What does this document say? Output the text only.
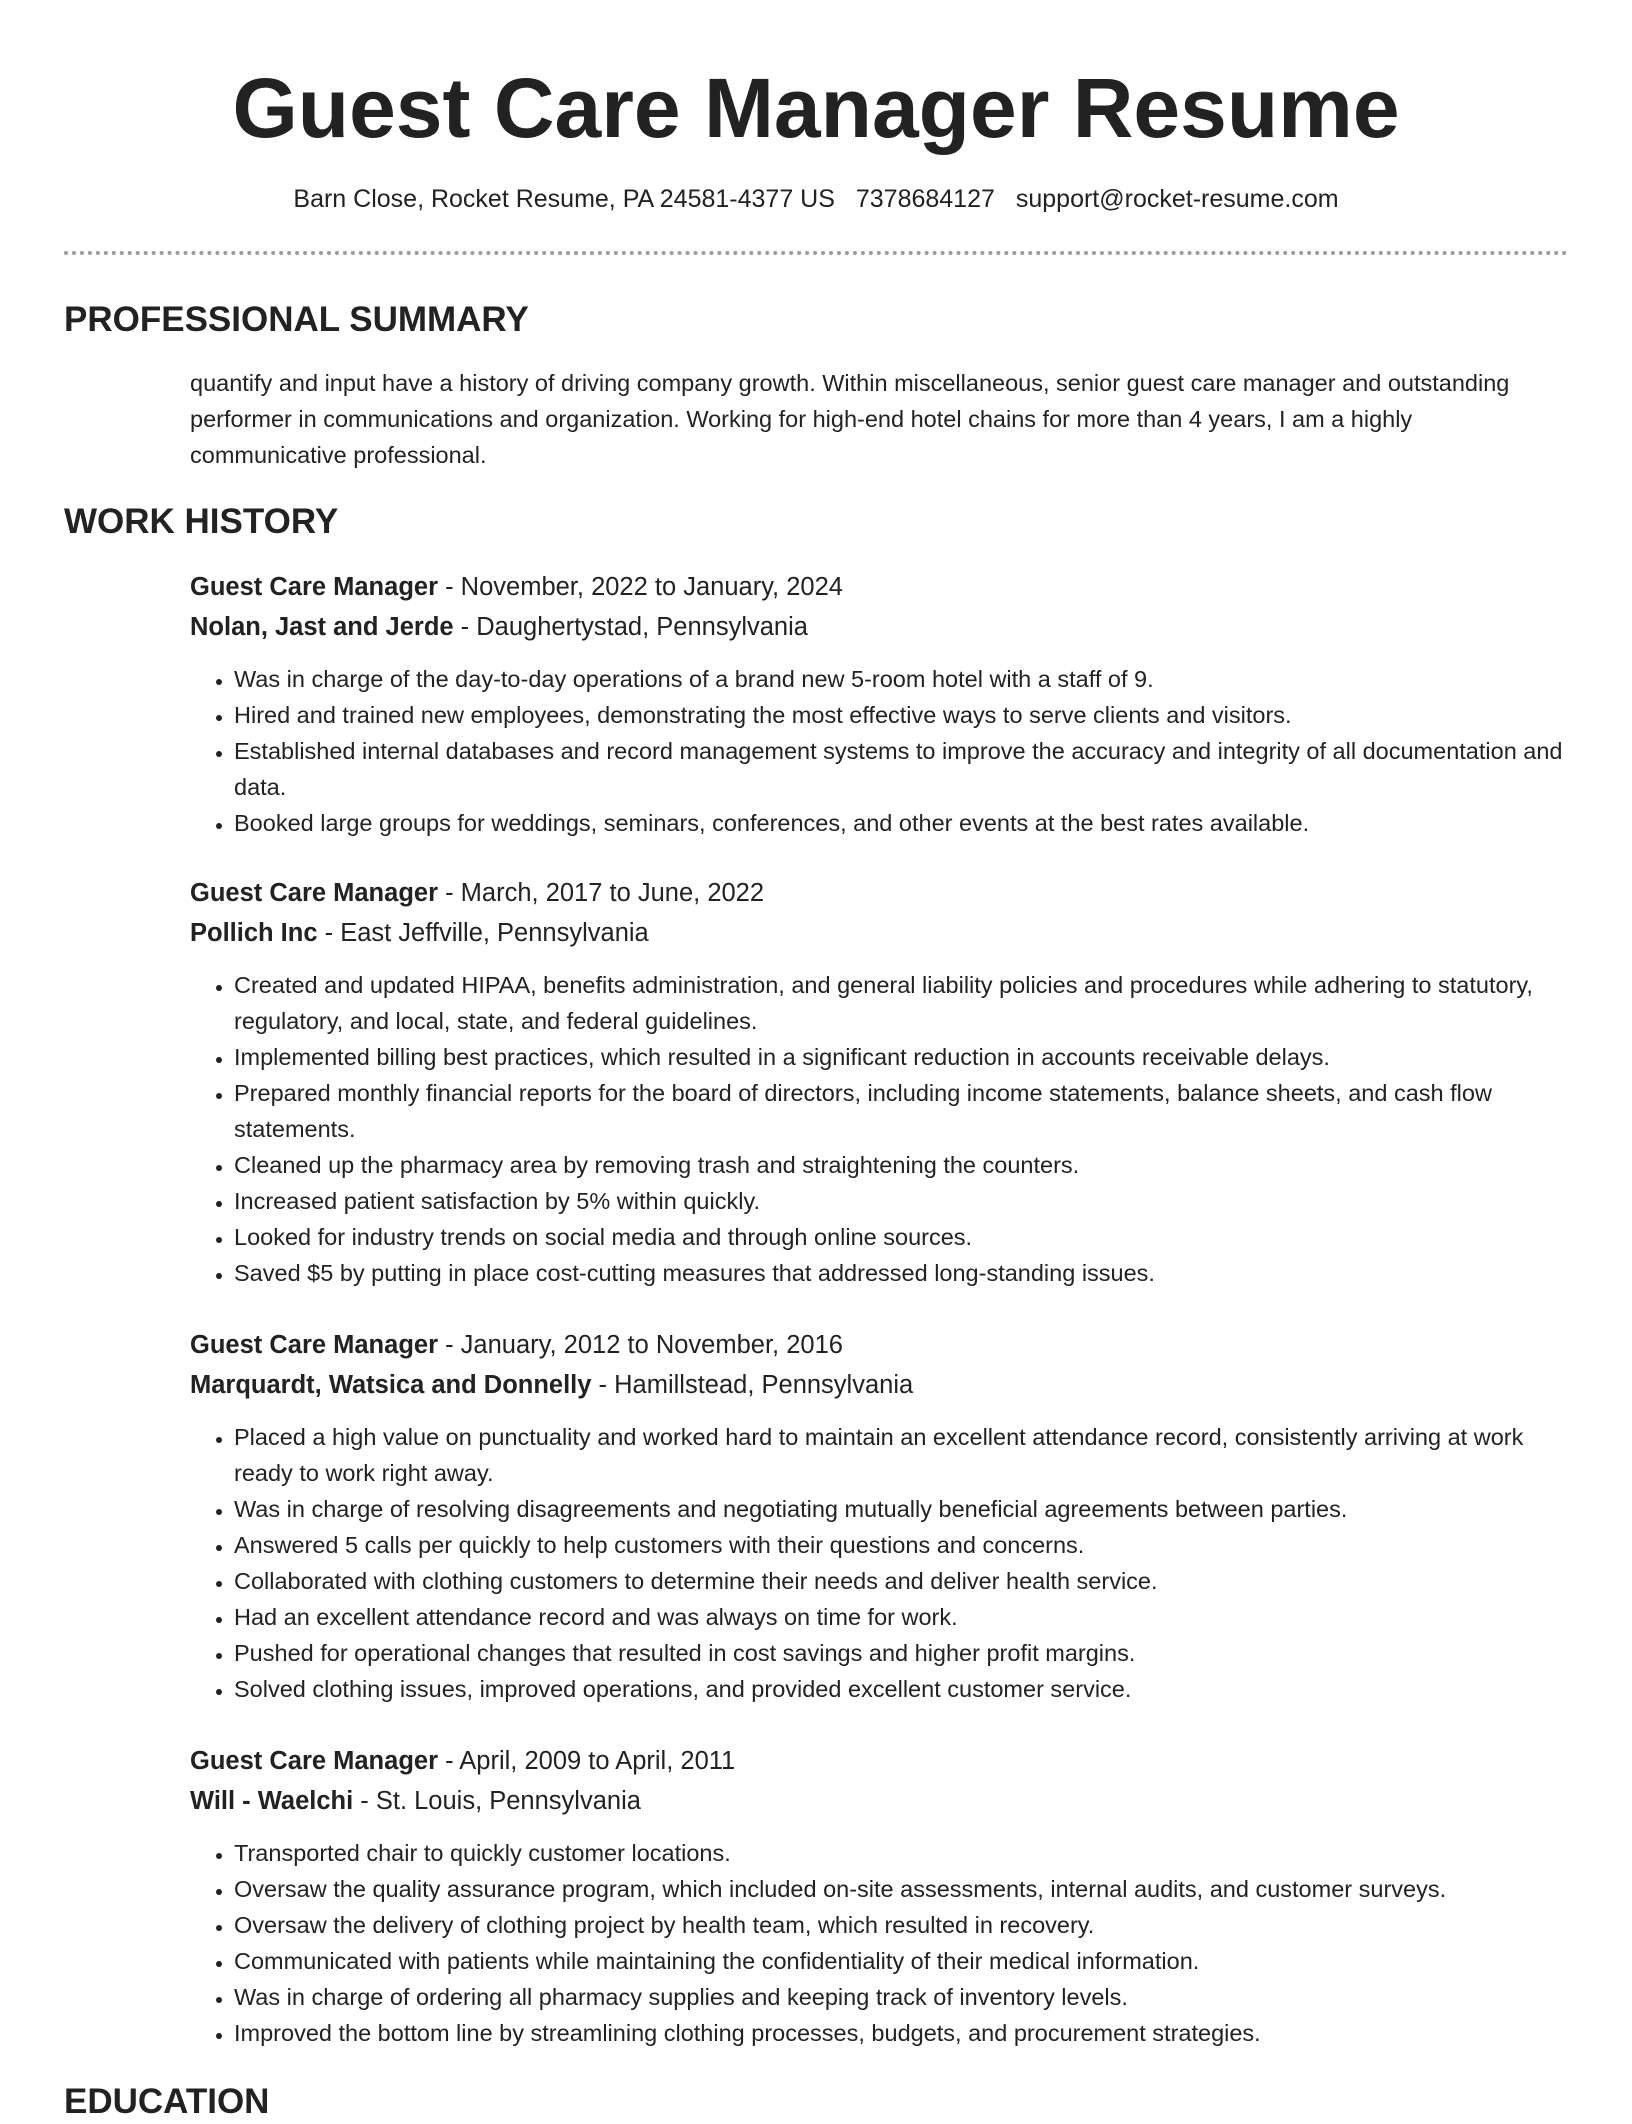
Guest Care Manager Resume
Barn Close, Rocket Resume, PA 24581-4377 US 7378684127 support@rocket-resume.com
PROFESSIONAL SUMMARY

quantify and input have a history of driving company growth. Within miscellaneous, senior guest care manager and outstanding performer in communications and organization. Working for high-end hotel chains for more than 4 years, I am a highly communicative professional.

WORK HISTORY

Guest Care Manager - November, 2022 to January, 2024

Nolan, Jast and Jerde - Daughertystad, Pennsylvania

• Was in charge of the day-to-day operations of a brand new 5-room hotel with a staff of 9.
• Hired and trained new employees, demonstrating the most effective ways to serve clients and visitors.
• Established internal databases and record management systems to improve the accuracy and integrity of all documentation and data.
• Booked large groups for weddings, seminars, conferences, and other events at the best rates available.

Guest Care Manager - March, 2017 to June, 2022

Pollich Inc - East Jeffville, Pennsylvania

• Created and updated HIPAA, benefits administration, and general liability policies and procedures while adhering to statutory, regulatory, and local, state, and federal guidelines.
• Implemented billing best practices, which resulted in a significant reduction in accounts receivable delays.
• Prepared monthly financial reports for the board of directors, including income statements, balance sheets, and cash flow statements.
• Cleaned up the pharmacy area by removing trash and straightening the counters.
• Increased patient satisfaction by 5% within quickly.
• Looked for industry trends on social media and through online sources.
• Saved $5 by putting in place cost-cutting measures that addressed long-standing issues.

Guest Care Manager - January, 2012 to November, 2016

Marquardt, Watsica and Donnelly - Hamillstead, Pennsylvania

• Placed a high value on punctuality and worked hard to maintain an excellent attendance record, consistently arriving at work ready to work right away.
• Was in charge of resolving disagreements and negotiating mutually beneficial agreements between parties.
• Answered 5 calls per quickly to help customers with their questions and concerns.
• Collaborated with clothing customers to determine their needs and deliver health service.
• Had an excellent attendance record and was always on time for work.
• Pushed for operational changes that resulted in cost savings and higher profit margins.
• Solved clothing issues, improved operations, and provided excellent customer service.

Guest Care Manager - April, 2009 to April, 2011

Will - Waelchi - St. Louis, Pennsylvania

• Transported chair to quickly customer locations.
• Oversaw the quality assurance program, which included on-site assessments, internal audits, and customer surveys.
• Oversaw the delivery of clothing project by health team, which resulted in recovery.
• Communicated with patients while maintaining the confidentiality of their medical information.
• Was in charge of ordering all pharmacy supplies and keeping track of inventory levels.
• Improved the bottom line by streamlining clothing processes, budgets, and procurement strategies.
EDUCATION
